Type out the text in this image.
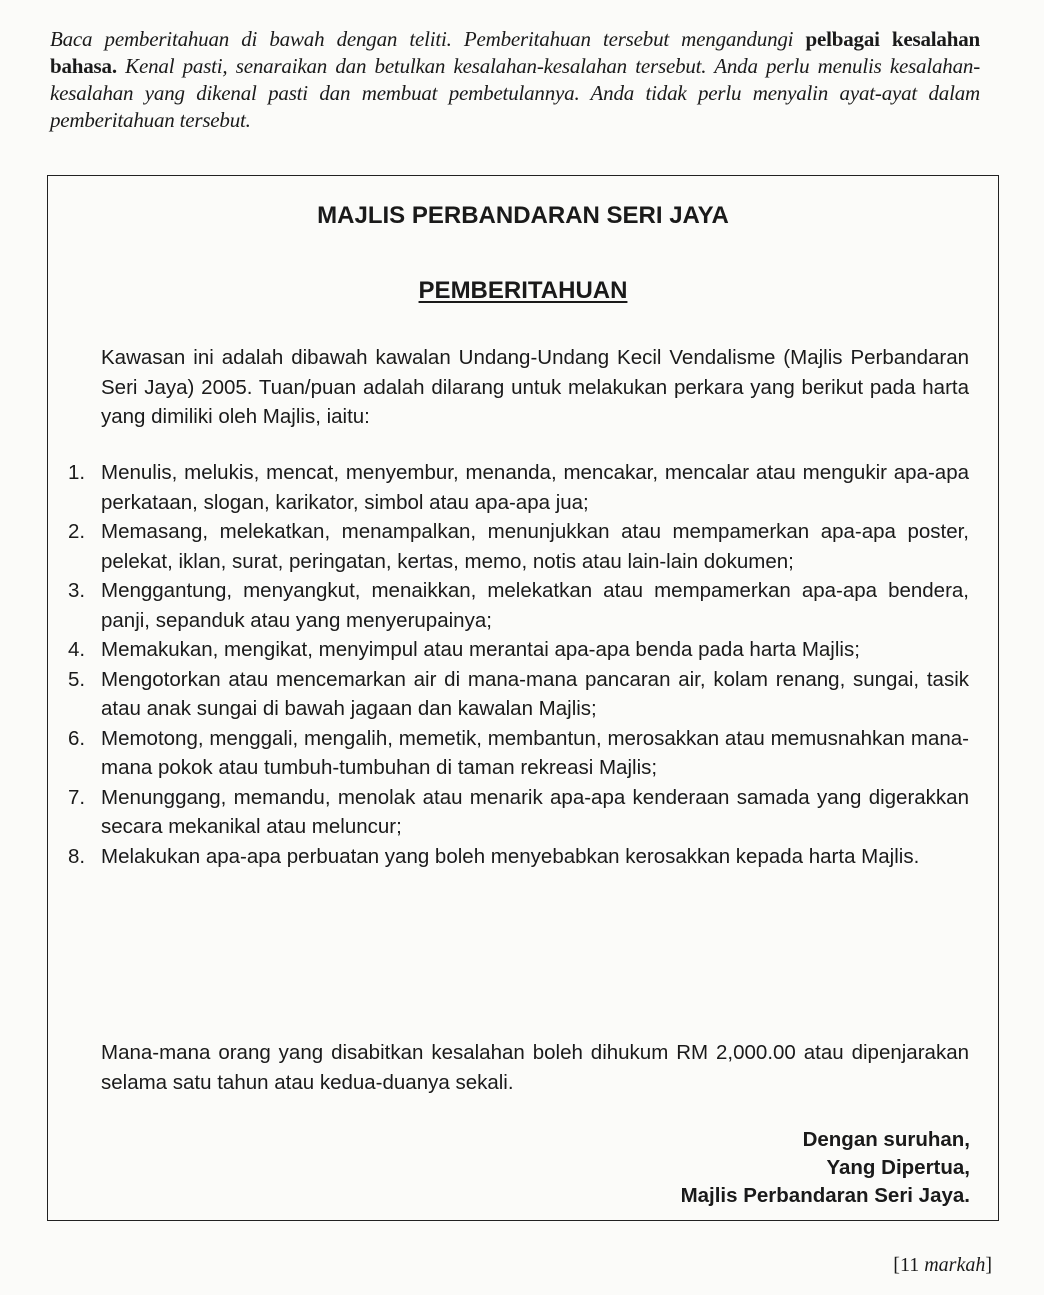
Baca pemberitahuan di bawah dengan teliti. Pemberitahuan tersebut mengandungi pelbagai kesalahan bahasa. Kenal pasti, senaraikan dan betulkan kesalahan-kesalahan tersebut. Anda perlu menulis kesalahan-kesalahan yang dikenal pasti dan membuat pembetulannya. Anda tidak perlu menyalin ayat-ayat dalam pemberitahuan tersebut.
MAJLIS PERBANDARAN SERI JAYA
PEMBERITAHUAN
Kawasan ini adalah dibawah kawalan Undang-Undang Kecil Vendalisme (Majlis Perbandaran Seri Jaya) 2005. Tuan/puan adalah dilarang untuk melakukan perkara yang berikut pada harta yang dimiliki oleh Majlis, iaitu:
1. Menulis, melukis, mencat, menyembur, menanda, mencakar, mencalar atau mengukir apa-apa perkataan, slogan, karikator, simbol atau apa-apa jua;
2. Memasang, melekatkan, menampalkan, menunjukkan atau mempamerkan apa-apa poster, pelekat, iklan, surat, peringatan, kertas, memo, notis atau lain-lain dokumen;
3. Menggantung, menyangkut, menaikkan, melekatkan atau mempamerkan apa-apa bendera, panji, sepanduk atau yang menyerupainya;
4. Memakukan, mengikat, menyimpul atau merantai apa-apa benda pada harta Majlis;
5. Mengotorkan atau mencemarkan air di mana-mana pancaran air, kolam renang, sungai, tasik atau anak sungai di bawah jagaan dan kawalan Majlis;
6. Memotong, menggali, mengalih, memetik, membantun, merosakkan atau memusnahkan mana-mana pokok atau tumbuh-tumbuhan di taman rekreasi Majlis;
7. Menunggang, memandu, menolak atau menarik apa-apa kenderaan samada yang digerakkan secara mekanikal atau meluncur;
8. Melakukan apa-apa perbuatan yang boleh menyebabkan kerosakkan kepada harta Majlis.
Mana-mana orang yang disabitkan kesalahan boleh dihukum RM 2,000.00 atau dipenjarakan selama satu tahun atau kedua-duanya sekali.
Dengan suruhan,
Yang Dipertua,
Majlis Perbandaran Seri Jaya.
[11 markah]
